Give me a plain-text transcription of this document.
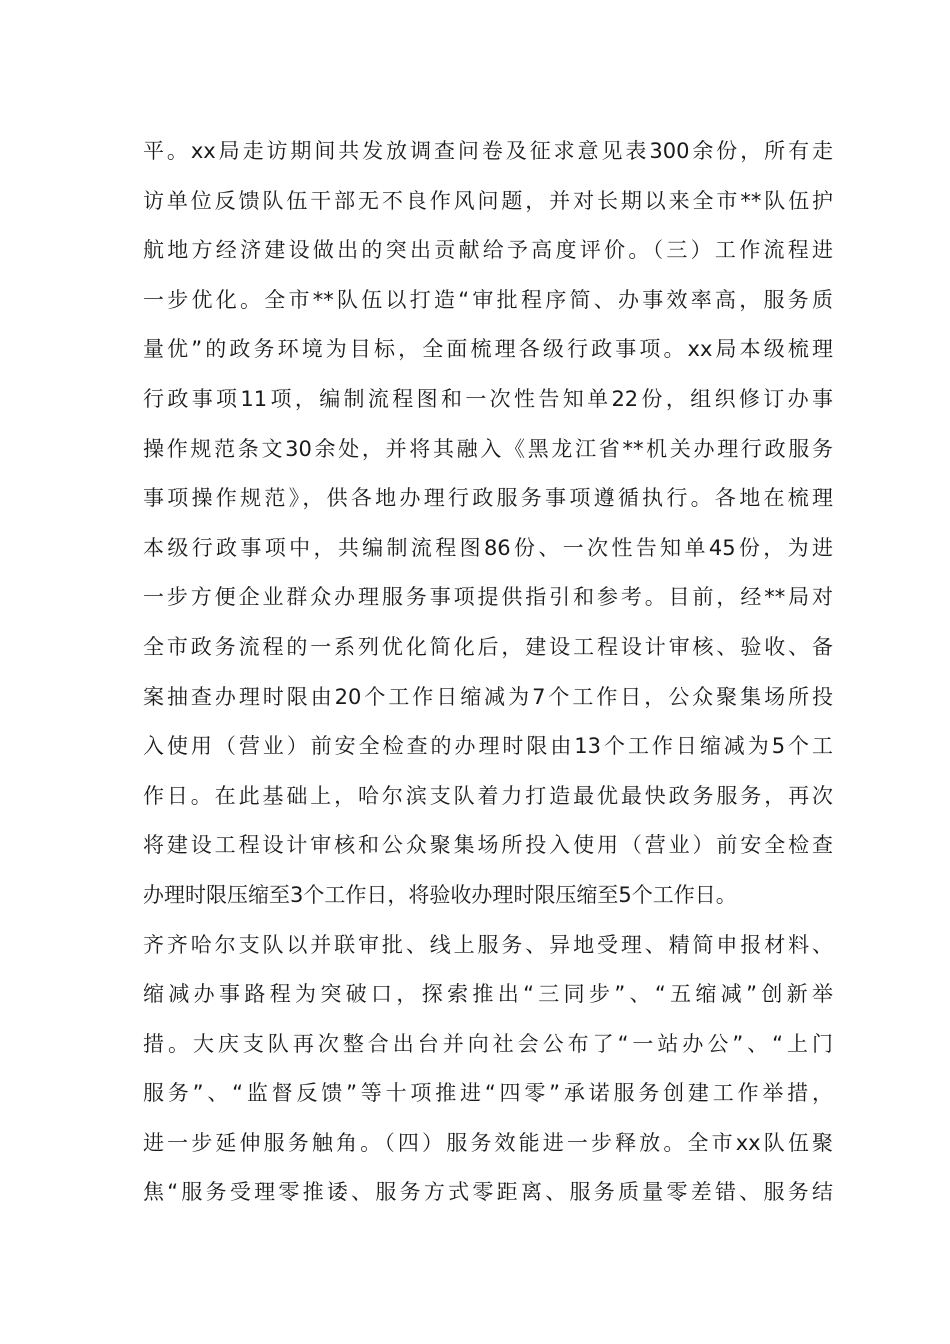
平。xx局走访期间共发放调查问卷及征求意见表300余份，所有走
访单位反馈队伍干部无不良作风问题，并对长期以来全市**队伍护
航地方经济建设做出的突出贡献给予高度评价。（三）工作流程进
一步优化。全市**队伍以打造“审批程序简、办事效率高，服务质
量优”的政务环境为目标，全面梳理各级行政事项。xx局本级梳理
行政事项11项，编制流程图和一次性告知单22份，组织修订办事
操作规范条文30余处，并将其融入《黑龙江省**机关办理行政服务
事项操作规范》，供各地办理行政服务事项遵循执行。各地在梳理
本级行政事项中，共编制流程图86份、一次性告知单45份，为进
一步方便企业群众办理服务事项提供指引和参考。目前，经**局对
全市政务流程的一系列优化简化后，建设工程设计审核、验收、备
案抽查办理时限由20个工作日缩减为7个工作日，公众聚集场所投
入使用（营业）前安全检查的办理时限由13个工作日缩减为5个工
作日。在此基础上，哈尔滨支队着力打造最优最快政务服务，再次
将建设工程设计审核和公众聚集场所投入使用（营业）前安全检查
办理时限压缩至3个工作日，将验收办理时限压缩至5个工作日。
齐齐哈尔支队以并联审批、线上服务、异地受理、精简申报材料、
缩减办事路程为突破口，探索推出“三同步”、“五缩减”创新举
措。大庆支队再次整合出台并向社会公布了“一站办公”、“上门
服务”、“监督反馈”等十项推进“四零”承诺服务创建工作举措，
进一步延伸服务触角。（四）服务效能进一步释放。全市xx队伍聚
焦“服务受理零推诿、服务方式零距离、服务质量零差错、服务结
